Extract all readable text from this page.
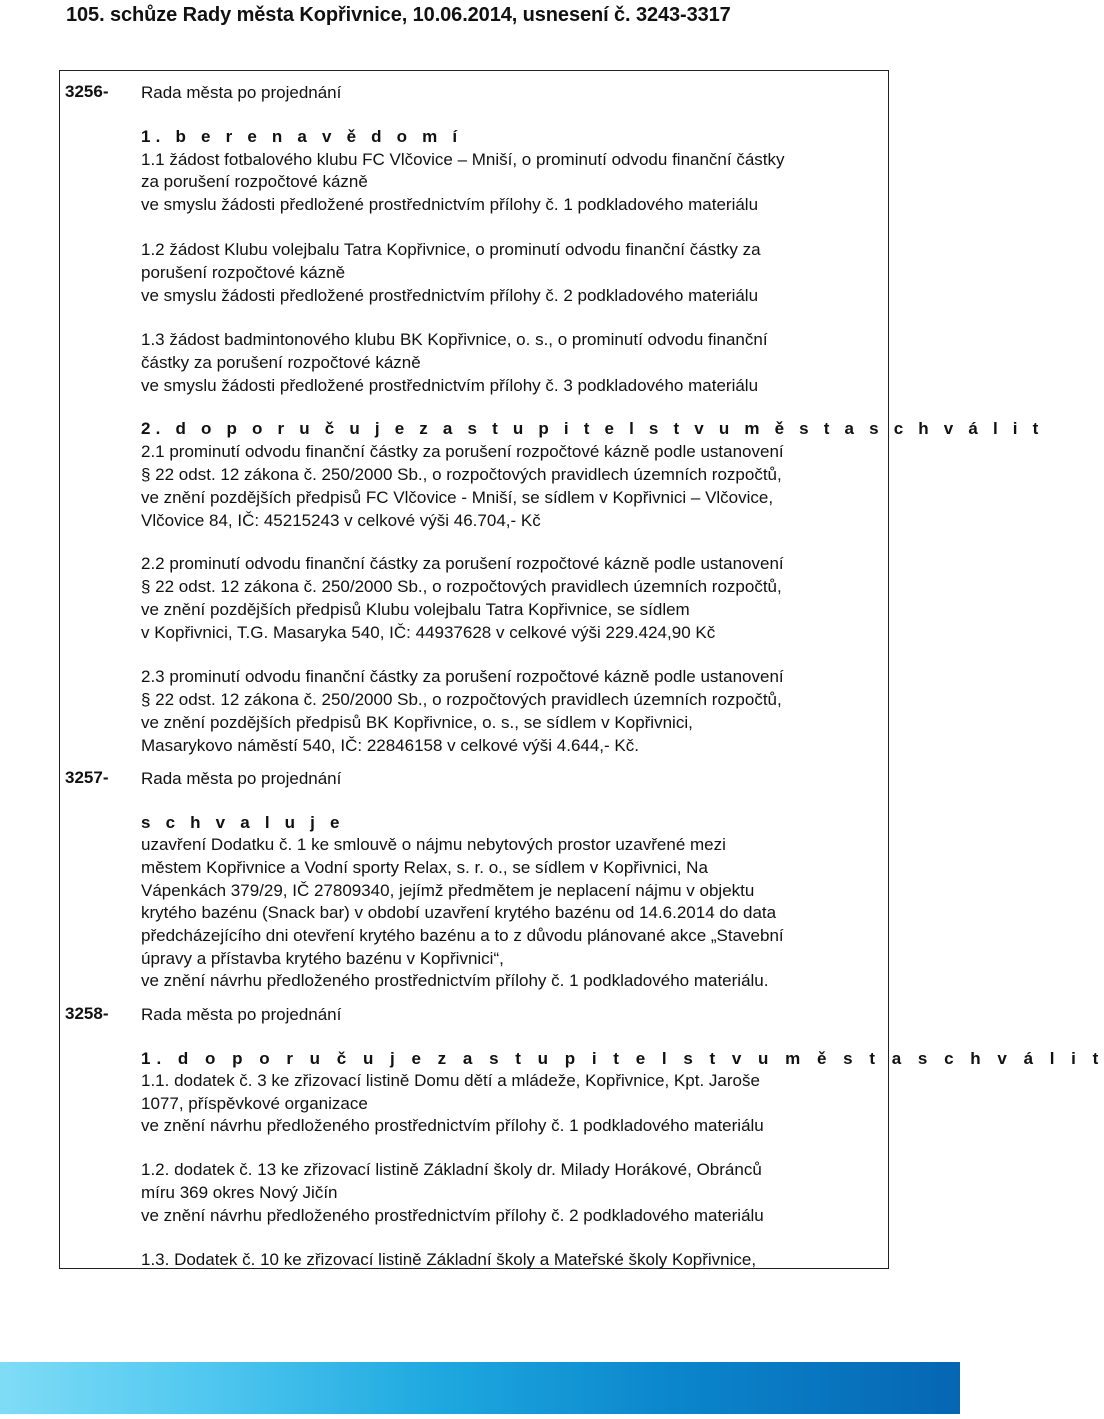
105. schůze Rady města Kopřivnice, 10.06.2014, usnesení č. 3243-3317
3256- Rada města po projednání
1. b e r e n a v ě d o m í
1.1 žádost fotbalového klubu FC Vlčovice – Mniší, o prominutí odvodu finanční částky
za porušení rozpočtové kázně
ve smyslu žádosti předložené prostřednictvím přílohy č. 1 podkladového materiálu
1.2 žádost Klubu volejbalu Tatra Kopřivnice, o prominutí odvodu finanční částky za
porušení rozpočtové kázně
ve smyslu žádosti předložené prostřednictvím přílohy č. 2 podkladového materiálu
1.3 žádost badmintonového klubu BK Kopřivnice, o. s., o prominutí odvodu finanční
částky za porušení rozpočtové kázně
ve smyslu žádosti předložené prostřednictvím přílohy č. 3 podkladového materiálu
2. d o p o r u č u j e z a s t u p i t e l s t v u m ě s t a s c h v á l i t
2.1 prominutí odvodu finanční částky za porušení rozpočtové kázně podle ustanovení
§ 22 odst. 12 zákona č. 250/2000 Sb., o rozpočtových pravidlech územních rozpočtů,
ve znění pozdějších předpisů FC Vlčovice - Mniší, se sídlem v Kopřivnici – Vlčovice,
Vlčovice 84, IČ: 45215243 v celkové výši 46.704,- Kč
2.2 prominutí odvodu finanční částky za porušení rozpočtové kázně podle ustanovení
§ 22 odst. 12 zákona č. 250/2000 Sb., o rozpočtových pravidlech územních rozpočtů,
ve znění pozdějších předpisů Klubu volejbalu Tatra Kopřivnice, se sídlem
v Kopřivnici, T.G. Masaryka 540, IČ: 44937628 v celkové výši 229.424,90 Kč
2.3 prominutí odvodu finanční částky za porušení rozpočtové kázně podle ustanovení
§ 22 odst. 12 zákona č. 250/2000 Sb., o rozpočtových pravidlech územních rozpočtů,
ve znění pozdějších předpisů BK Kopřivnice, o. s., se sídlem v Kopřivnici,
Masarykovo náměstí 540, IČ: 22846158 v celkové výši 4.644,- Kč.
3257- Rada města po projednání
s c h v a l u j e
uzavření Dodatku č. 1 ke smlouvě o nájmu nebytových prostor uzavřené mezi
městem Kopřivnice a Vodní sporty Relax, s. r. o., se sídlem v Kopřivnici, Na
Vápenkách 379/29, IČ 27809340, jejímž předmětem je neplacení nájmu v objektu
krytého bazénu (Snack bar) v období uzavření krytého bazénu od 14.6.2014 do data
předcházejícího dni otevření krytého bazénu a to z důvodu plánované akce „Stavební
úpravy a přístavba krytého bazénu v Kopřivnici“,
ve znění návrhu předloženého prostřednictvím přílohy č. 1 podkladového materiálu.
3258- Rada města po projednání
1. d o p o r u č u j e z a s t u p i t e l s t v u m ě s t a s c h v á l i t
1.1. dodatek č. 3 ke zřizovací listině Domu dětí a mládeže, Kopřivnice, Kpt. Jaroše
1077, příspěvkové organizace
ve znění návrhu předloženého prostřednictvím přílohy č. 1 podkladového materiálu
1.2. dodatek č. 13 ke zřizovací listině Základní školy dr. Milady Horákové, Obránců
míru 369 okres Nový Jičín
ve znění návrhu předloženého prostřednictvím přílohy č. 2 podkladového materiálu
1.3. Dodatek č. 10 ke zřizovací listině Základní školy a Mateřské školy Kopřivnice,
